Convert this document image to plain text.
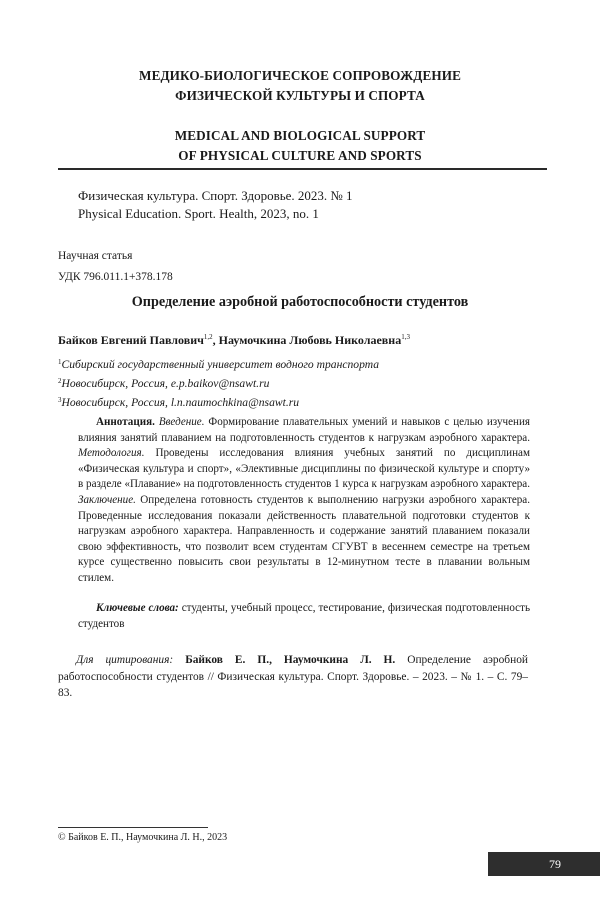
МЕДИКО-БИОЛОГИЧЕСКОЕ СОПРОВОЖДЕНИЕ
ФИЗИЧЕСКОЙ КУЛЬТУРЫ И СПОРТА
MEDICAL AND BIOLOGICAL SUPPORT
OF PHYSICAL CULTURE AND SPORTS
Физическая культура. Спорт. Здоровье. 2023. № 1
Physical Education. Sport. Health, 2023, no. 1
Научная статья
УДК 796.011.1+378.178
Определение аэробной работоспособности студентов
Байков Евгений Павлович$^{1,2}$, Наумочкина Любовь Николаевна$^{1,3}$
$^1$Сибирский государственный университет водного транспорта
$^2$Новосибирск, Россия, e.p.baikov@nsawt.ru
$^3$Новосибирск, Россия, l.n.naumochkina@nsawt.ru

Аннотация. Введение. Формирование плавательных умений и навыков с целью изучения влияния занятий плаванием на подготовленность студентов к нагрузкам аэробного характера. Методология. Проведены исследования влияния учебных занятий по дисциплинам «Физическая культура и спорт», «Элективные дисциплины по физической культуре и спорту» в разделе «Плавание» на подготовленность студентов 1 курса к нагрузкам аэробного характера. Заключение. Определена готовность студентов к выполнению нагрузки аэробного характера. Проведенные исследования показали действенность плавательной подготовки студентов к нагрузкам аэробного характера. Направленность и содержание занятий плаванием показали свою эффективность, что позволит всем студентам СГУВТ в весеннем семестре на третьем курсе существенно повысить свои результаты в 12-минутном тесте в плавании вольным стилем.

Ключевые слова: студенты, учебный процесс, тестирование, физическая подготовленность студентов

Для цитирования: Байков Е. П., Наумочкина Л. Н. Определение аэробной работоспособности студентов // Физическая культура. Спорт. Здоровье. – 2023. – № 1. – С. 79–83.

© Байков Е. П., Наумочкина Л. Н., 2023
79
